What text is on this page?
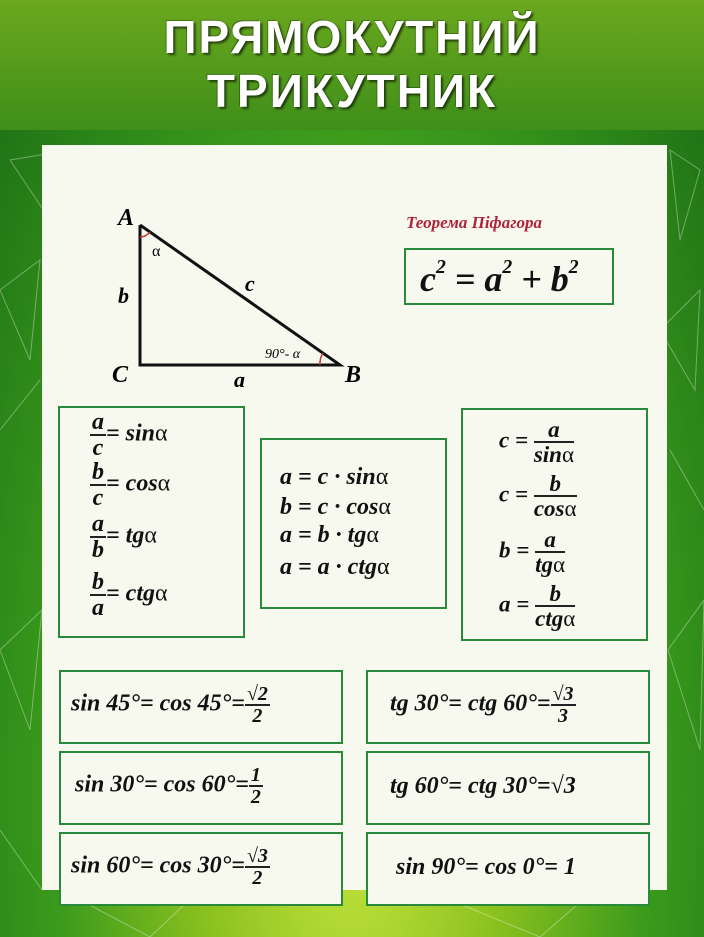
ПРЯМОКУТНИЙ
ТРИКУТНИК
A
C	B
b	c
a
α
90°- α
Теорема Піфагора
$c^2 = a^2 + b^2$
$\frac{a}{c} = \sin\alpha$
$\frac{b}{c} = \cos\alpha$
$\frac{a}{b} = tg\alpha$
$\frac{b}{a} = ctg\alpha$
a = c · sinα
b = c · cosα
a = b · tgα
a = a · ctgα
$c = \frac{a}{\sin\alpha}$
$c = \frac{b}{\cos\alpha}$
$b = \frac{a}{\text{tgα}}$
$a = \frac{b}{\text{ctgα}}$
$\sin 45^\circ= \cos 45^\circ= \frac{√2}{2}$	tg 30°= ctg $60^\circ= \frac{√3}{3}$
$\sin 30^\circ= \cos 60^\circ= \frac{1}{2}$	tg 60°= ctg 30°=√3
$\sin 60^\circ= \cos 30^\circ= \frac{√3}{2}$	sin 90°= cos 0°= 1
